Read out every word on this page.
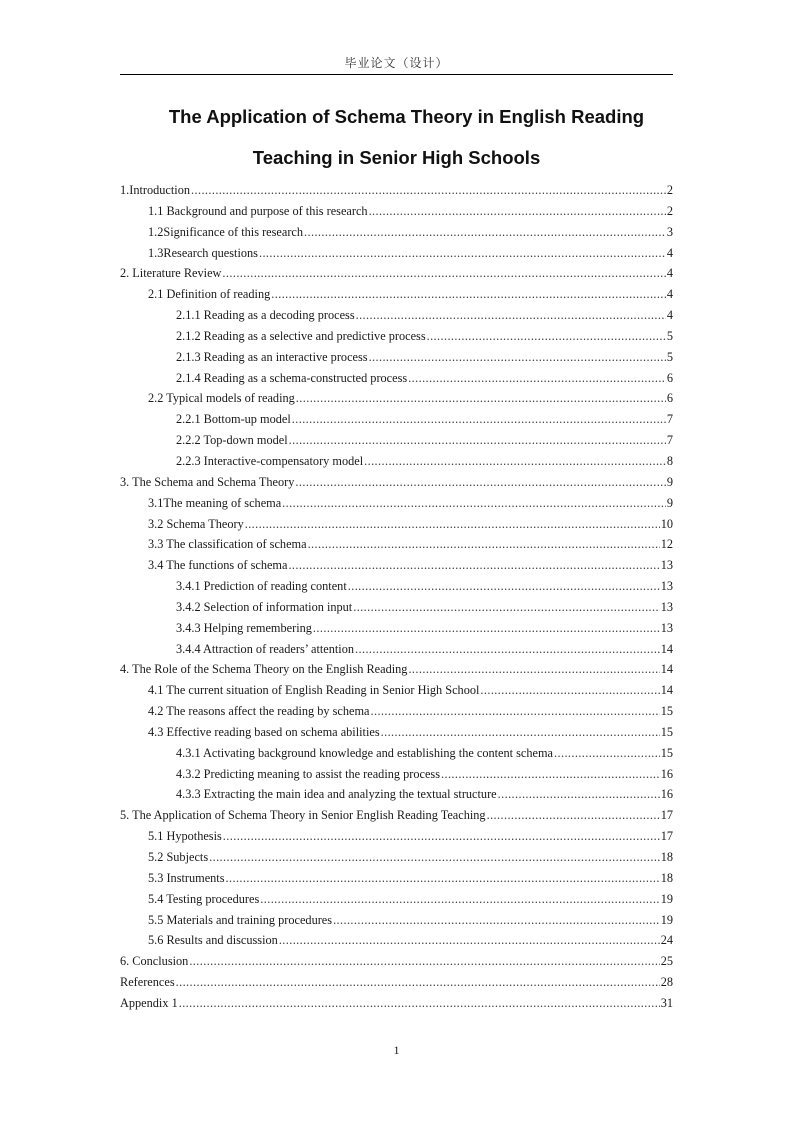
毕业论文（设计）
The Application of Schema Theory in English Reading
Teaching in Senior High Schools
1.Introduction .....	2
1.1 Background and purpose of this research .....	2
1.2Significance of this research .....	3
1.3Research questions .....	4
2. Literature Review .....	4
2.1 Definition of reading .....	4
2.1.1 Reading as a decoding process .....	4
2.1.2 Reading as a selective and predictive process .....	5
2.1.3 Reading as an interactive process .....	5
2.1.4 Reading as a schema-constructed process .....	6
2.2 Typical models of reading .....	6
2.2.1 Bottom-up model .....	7
2.2.2 Top-down model .....	7
2.2.3 Interactive-compensatory model .....	8
3. The Schema and Schema Theory .....	9
3.1The meaning of schema .....	9
3.2 Schema Theory .....	10
3.3 The classification of schema .....	12
3.4 The functions of schema .....	13
3.4.1 Prediction of reading content .....	13
3.4.2 Selection of information input .....	13
3.4.3 Helping remembering .....	13
3.4.4 Attraction of readers’ attention .....	14
4. The Role of the Schema Theory on the English Reading .....	14
4.1 The current situation of English Reading in Senior High School .....	14
4.2 The reasons affect the reading by schema .....	15
4.3 Effective reading based on schema abilities .....	15
4.3.1 Activating background knowledge and establishing the content schema .....	15
4.3.2 Predicting meaning to assist the reading process .....	16
4.3.3 Extracting the main idea and analyzing the textual structure .....	16
5. The Application of Schema Theory in Senior English Reading Teaching .....	17
5.1 Hypothesis .....	17
5.2 Subjects .....	18
5.3 Instruments .....	18
5.4 Testing procedures .....	19
5.5 Materials and training procedures .....	19
5.6 Results and discussion .....	24
6. Conclusion .....	25
References .....	28
Appendix 1 .....	31
1
